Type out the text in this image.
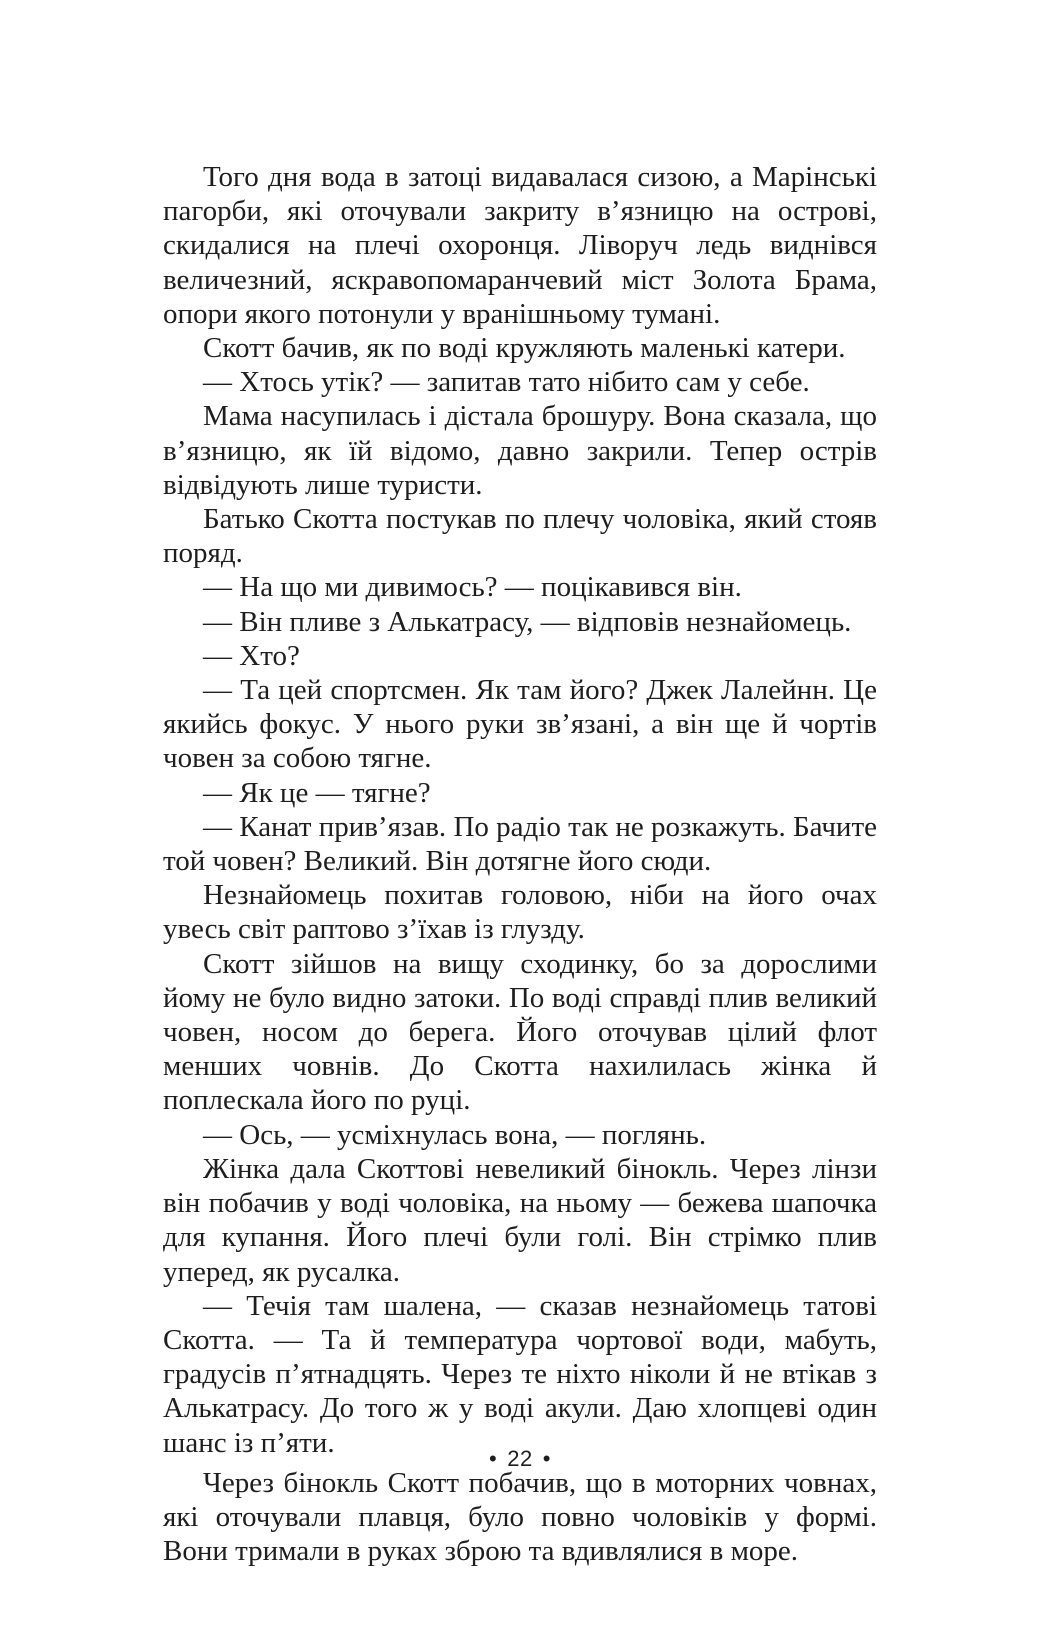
Того дня вода в затоці видавалася сизою, а Марінські пагорби, які оточували закриту в’язницю на острові, скидалися на плечі охоронця. Ліворуч ледь виднівся величезний, яскравопомаранчевий міст Золота Брама, опори якого потонули у вранішньому тумані.

Скотт бачив, як по воді кружляють маленькі катери.

— Хтось утік? — запитав тато нібито сам у себе.

Мама насупилась і дістала брошуру. Вона сказала, що в’язницю, як їй відомо, давно закрили. Тепер острів відвідують лише туристи.

Батько Скотта постукав по плечу чоловіка, який стояв поряд.

— На що ми дивимось? — поцікавився він.

— Він пливе з Алькатрасу, — відповів незнайомець.

— Хто?

— Та цей спортсмен. Як там його? Джек Лалейнн. Це якийсь фокус. У нього руки зв’язані, а він ще й чортів човен за собою тягне.

— Як це — тягне?

— Канат прив’язав. По радіо так не розкажуть. Бачите той човен? Великий. Він дотягне його сюди.

Незнайомець похитав головою, ніби на його очах увесь світ раптово з’їхав із глузду.

Скотт зійшов на вищу сходинку, бо за дорослими йому не було видно затоки. По воді справді плив великий човен, носом до берега. Його оточував цілий флот менших човнів. До Скотта нахилилась жінка й поплескала його по руці.

— Ось, — усміхнулась вона, — поглянь.

Жінка дала Скоттові невеликий бінокль. Через лінзи він побачив у воді чоловіка, на ньому — бежева шапочка для купання. Його плечі були голі. Він стрімко плив уперед, як русалка.

— Течія там шалена, — сказав незнайомець татові Скотта. — Та й температура чортової води, мабуть, градусів п’ятнадцять. Через те ніхто ніколи й не втікав з Алькатрасу. До того ж у воді акули. Даю хлопцеві один шанс із п’яти.

Через бінокль Скотт побачив, що в моторних човнах, які оточували плавця, було повно чоловіків у формі. Вони тримали в руках зброю та вдивлялися в море.

• 22 •
